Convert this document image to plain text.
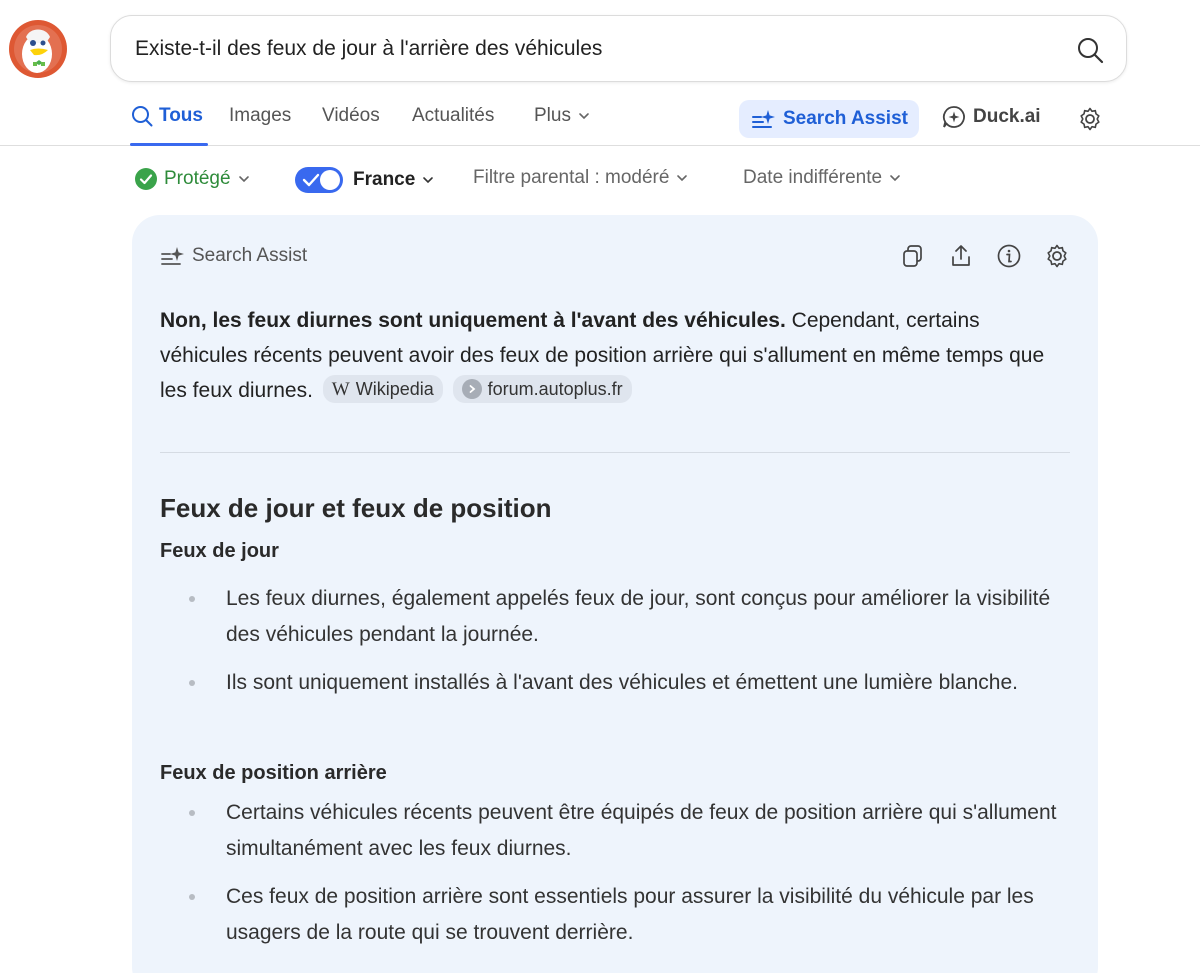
Existe-t-il des feux de jour à l'arrière des véhicules
Tous Images Vidéos Actualités Plus	Search Assist	Duck.ai
Protégé	France	Filtre parental : modéré	Date indifférente
Search Assist
Non, les feux diurnes sont uniquement à l'avant des véhicules. Cependant, certains véhicules récents peuvent avoir des feux de position arrière qui s'allument en même temps que les feux diurnes. W Wikipedia
	forum.autoplus.fr
Feux de jour et feux de position
Feux de jour
Les feux diurnes, également appelés feux de jour, sont conçus pour améliorer la visibilité des véhicules pendant la journée.
Ils sont uniquement installés à l'avant des véhicules et émettent une lumière blanche.
Feux de position arrière
Certains véhicules récents peuvent être équipés de feux de position arrière qui s'allument simultanément avec les feux diurnes.
Ces feux de position arrière sont essentiels pour assurer la visibilité du véhicule par les usagers de la route qui se trouvent derrière.
